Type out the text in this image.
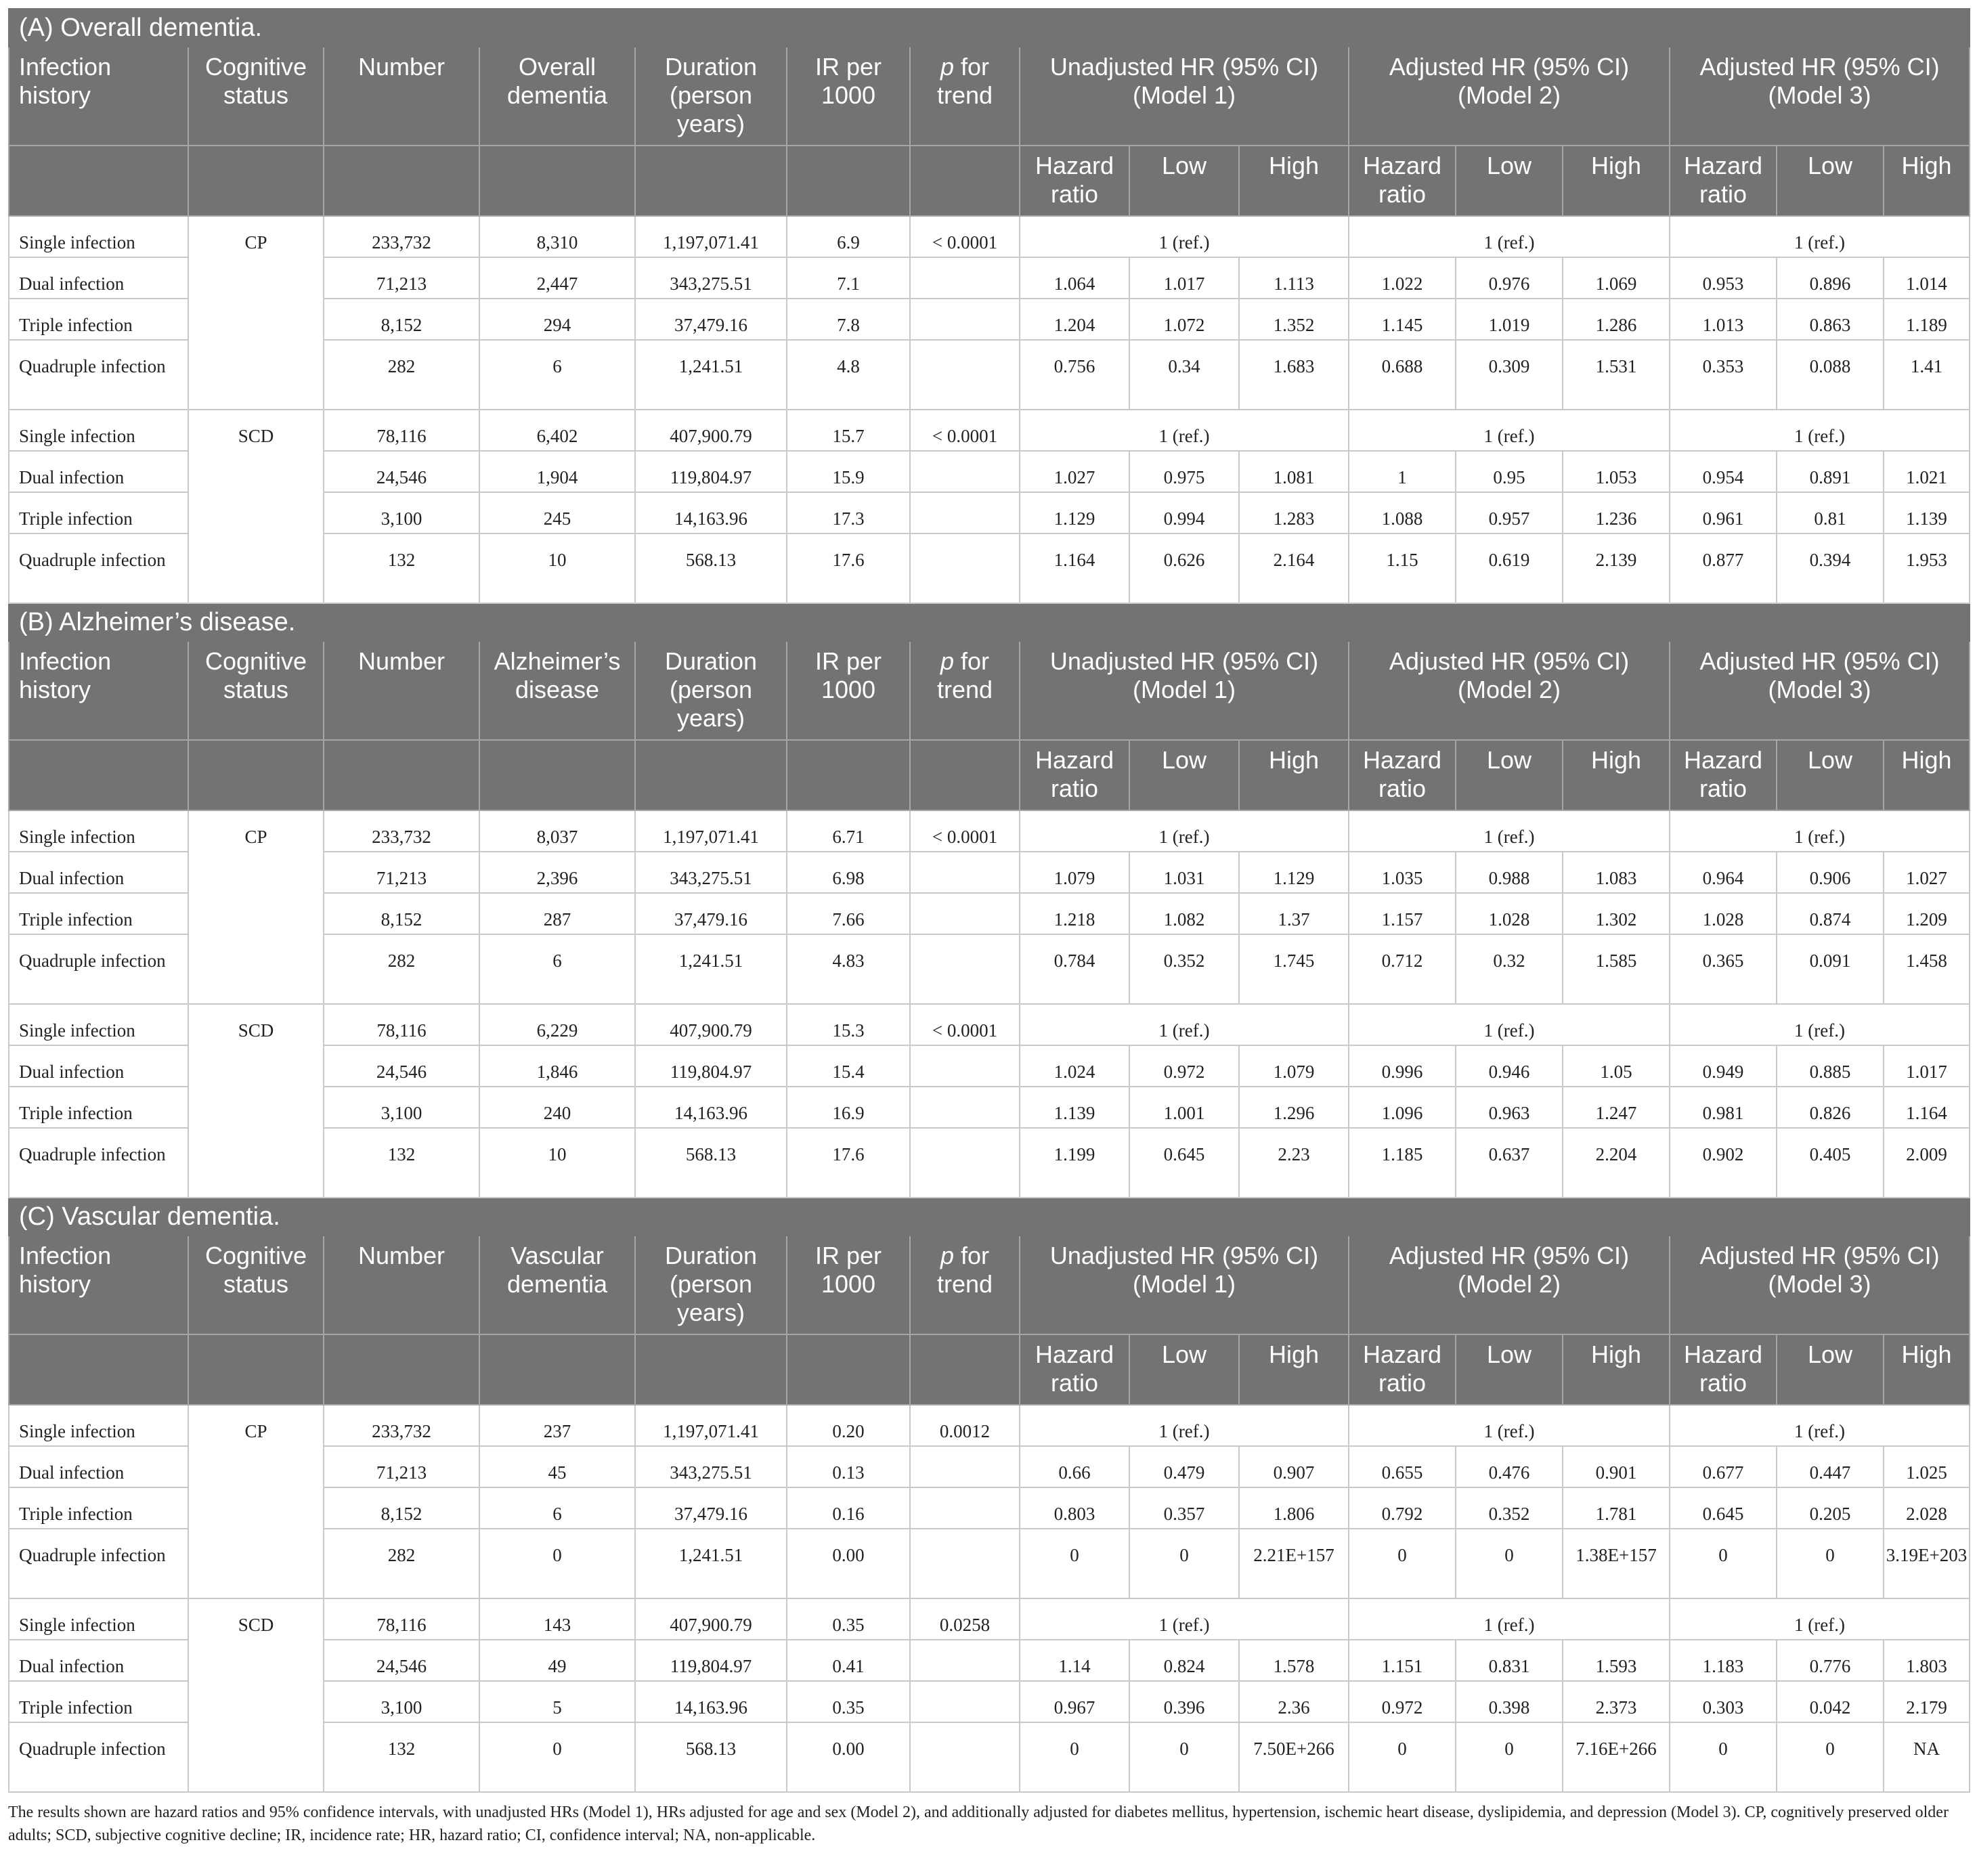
(A) Overall dementia.															
Infection history	Cognitive status	Number	Overall dementia	Duration (person years)	IR per 1000	p for trend	Unadjusted HR (95% CI) (Model 1)			Adjusted HR (95% CI) (Model 2)			Adjusted HR (95% CI) (Model 3)		
							Hazard ratio	Low	High	Hazard ratio	Low	High	Hazard ratio	Low	High
Single infection	CP	233,732	8,310	1,197,071.41	6.9	< 0.0001	1 (ref.)			1 (ref.)			1 (ref.)		
Dual infection		71,213	2,447	343,275.51	7.1		1.064	1.017	1.113	1.022	0.976	1.069	0.953	0.896	1.014
Triple infection		8,152	294	37,479.16	7.8		1.204	1.072	1.352	1.145	1.019	1.286	1.013	0.863	1.189
Quadruple infection		282	6	1,241.51	4.8		0.756	0.34	1.683	0.688	0.309	1.531	0.353	0.088	1.41
Single infection	SCD	78,116	6,402	407,900.79	15.7	< 0.0001	1 (ref.)			1 (ref.)			1 (ref.)		
Dual infection		24,546	1,904	119,804.97	15.9		1.027	0.975	1.081	1	0.95	1.053	0.954	0.891	1.021
Triple infection		3,100	245	14,163.96	17.3		1.129	0.994	1.283	1.088	0.957	1.236	0.961	0.81	1.139
Quadruple infection		132	10	568.13	17.6		1.164	0.626	2.164	1.15	0.619	2.139	0.877	0.394	1.953
(B) Alzheimer’s disease.															
Infection history	Cognitive status	Number	Alzheimer’s disease	Duration (person years)	IR per 1000	p for trend	Unadjusted HR (95% CI) (Model 1)			Adjusted HR (95% CI) (Model 2)			Adjusted HR (95% CI) (Model 3)		
							Hazard ratio	Low	High	Hazard ratio	Low	High	Hazard ratio	Low	High
Single infection	CP	233,732	8,037	1,197,071.41	6.71	< 0.0001	1 (ref.)			1 (ref.)			1 (ref.)		
Dual infection		71,213	2,396	343,275.51	6.98		1.079	1.031	1.129	1.035	0.988	1.083	0.964	0.906	1.027
Triple infection		8,152	287	37,479.16	7.66		1.218	1.082	1.37	1.157	1.028	1.302	1.028	0.874	1.209
Quadruple infection		282	6	1,241.51	4.83		0.784	0.352	1.745	0.712	0.32	1.585	0.365	0.091	1.458
Single infection	SCD	78,116	6,229	407,900.79	15.3	< 0.0001	1 (ref.)			1 (ref.)			1 (ref.)		
Dual infection		24,546	1,846	119,804.97	15.4		1.024	0.972	1.079	0.996	0.946	1.05	0.949	0.885	1.017
Triple infection		3,100	240	14,163.96	16.9		1.139	1.001	1.296	1.096	0.963	1.247	0.981	0.826	1.164
Quadruple infection		132	10	568.13	17.6		1.199	0.645	2.23	1.185	0.637	2.204	0.902	0.405	2.009
(C) Vascular dementia.															
Infection history	Cognitive status	Number	Vascular dementia	Duration (person years)	IR per 1000	p for trend	Unadjusted HR (95% CI) (Model 1)			Adjusted HR (95% CI) (Model 2)			Adjusted HR (95% CI) (Model 3)		
							Hazard ratio	Low	High	Hazard ratio	Low	High	Hazard ratio	Low	High
Single infection	CP	233,732	237	1,197,071.41	0.20	0.0012	1 (ref.)			1 (ref.)			1 (ref.)		
Dual infection		71,213	45	343,275.51	0.13		0.66	0.479	0.907	0.655	0.476	0.901	0.677	0.447	1.025
Triple infection		8,152	6	37,479.16	0.16		0.803	0.357	1.806	0.792	0.352	1.781	0.645	0.205	2.028
Quadruple infection		282	0	1,241.51	0.00		0	0	2.21E+157	0	0	1.38E+157	0	0	3.19E+203
Single infection	SCD	78,116	143	407,900.79	0.35	0.0258	1 (ref.)			1 (ref.)			1 (ref.)		
Dual infection		24,546	49	119,804.97	0.41		1.14	0.824	1.578	1.151	0.831	1.593	1.183	0.776	1.803
Triple infection		3,100	5	14,163.96	0.35		0.967	0.396	2.36	0.972	0.398	2.373	0.303	0.042	2.179
Quadruple infection		132	0	568.13	0.00		0	0	7.50E+266	0	0	7.16E+266	0	0	NA
The results shown are hazard ratios and 95% confidence intervals, with unadjusted HRs (Model 1), HRs adjusted for age and sex (Model 2), and additionally adjusted for diabetes mellitus, hypertension, ischemic heart disease, dyslipidemia, and depression (Model 3). CP, cognitively preserved older adults; SCD, subjective cognitive decline; IR, incidence rate; HR, hazard ratio; CI, confidence interval; NA, non-applicable.
